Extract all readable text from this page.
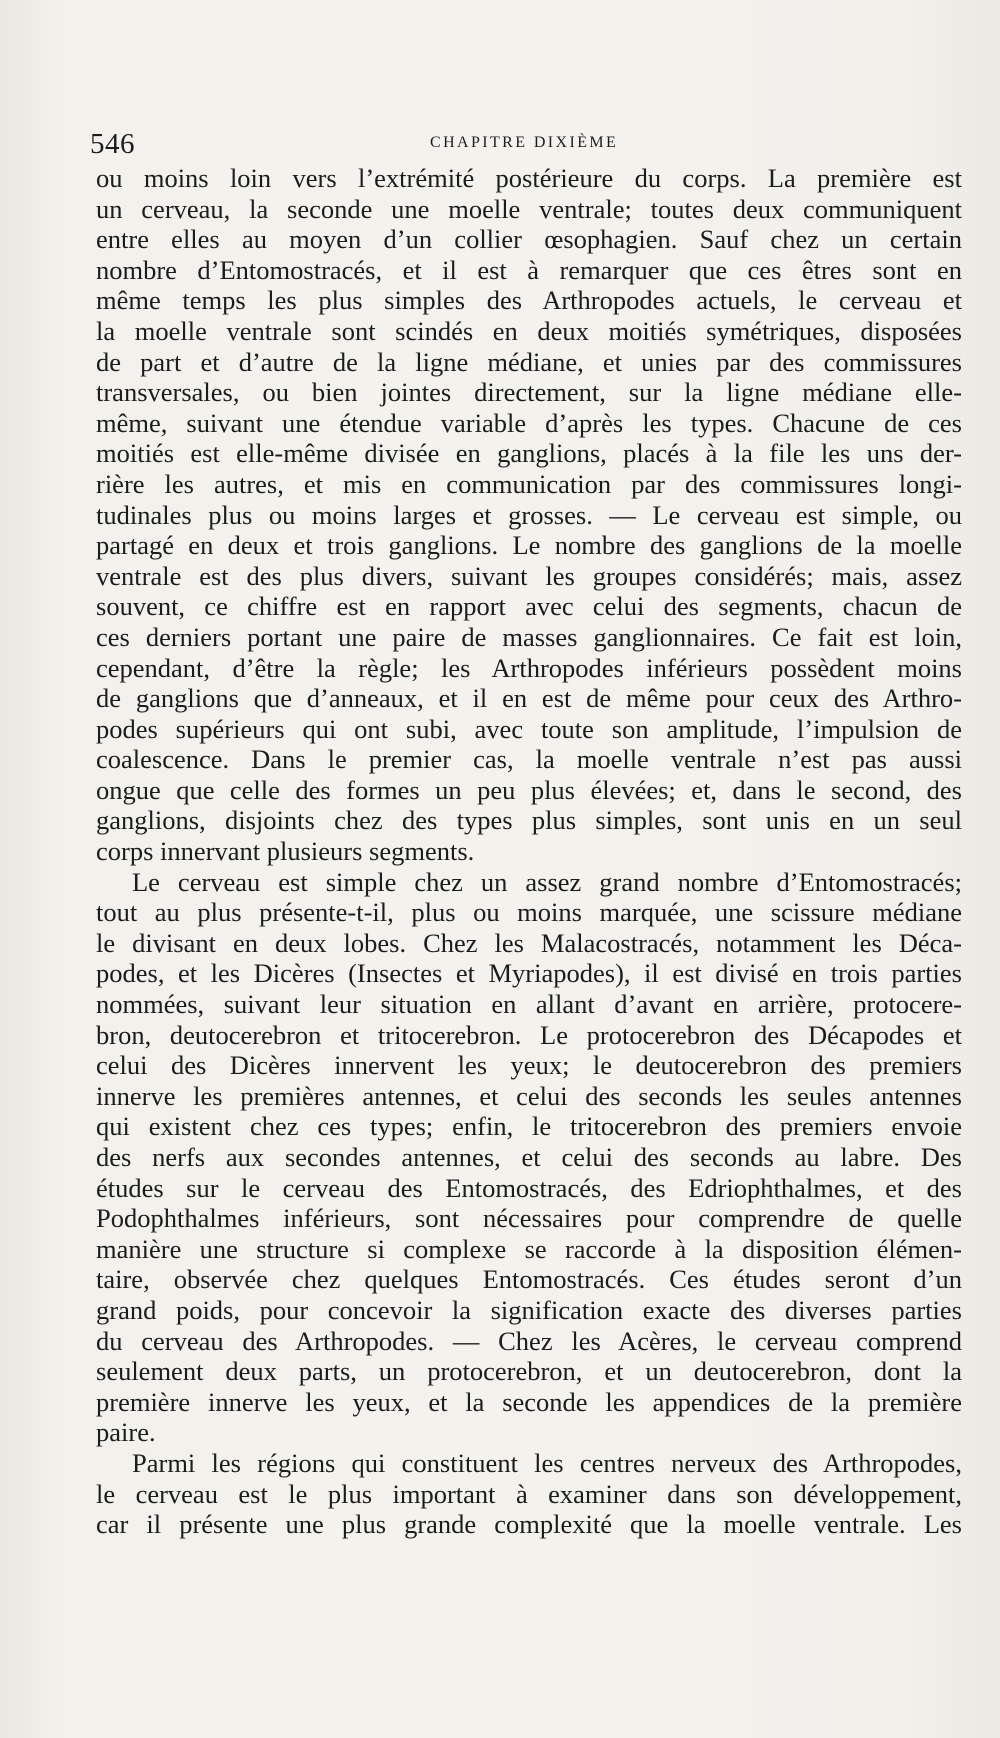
546	CHAPITRE DIXIÈME

ou moins loin vers l’extrémité postérieure du corps. La première est
un cerveau, la seconde une moelle ventrale; toutes deux communiquent
entre elles au moyen d’un collier œsophagien. Sauf chez un certain
nombre d’Entomostracés, et il est à remarquer que ces êtres sont en
même temps les plus simples des Arthropodes actuels, le cerveau et
la moelle ventrale sont scindés en deux moitiés symétriques, disposées
de part et d’autre de la ligne médiane, et unies par des commissures
transversales, ou bien jointes directement, sur la ligne médiane elle-
même, suivant une étendue variable d’après les types. Chacune de ces
moitiés est elle-même divisée en ganglions, placés à la file les uns der-
rière les autres, et mis en communication par des commissures longi-
tudinales plus ou moins larges et grosses. — Le cerveau est simple, ou
partagé en deux et trois ganglions. Le nombre des ganglions de la moelle
ventrale est des plus divers, suivant les groupes considérés; mais, assez
souvent, ce chiffre est en rapport avec celui des segments, chacun de
ces derniers portant une paire de masses ganglionnaires. Ce fait est loin,
cependant, d’être la règle; les Arthropodes inférieurs possèdent moins
de ganglions que d’anneaux, et il en est de même pour ceux des Arthro-
podes supérieurs qui ont subi, avec toute son amplitude, l’impulsion de
coalescence. Dans le premier cas, la moelle ventrale n’est pas aussi
ongue que celle des formes un peu plus élevées; et, dans le second, des
ganglions, disjoints chez des types plus simples, sont unis en un seul
corps innervant plusieurs segments.

Le cerveau est simple chez un assez grand nombre d’Entomostracés;
tout au plus présente-t-il, plus ou moins marquée, une scissure médiane
le divisant en deux lobes. Chez les Malacostracés, notamment les Déca-
podes, et les Dicères (Insectes et Myriapodes), il est divisé en trois parties
nommées, suivant leur situation en allant d’avant en arrière, protocere-
bron, deutocerebron et tritocerebron. Le protocerebron des Décapodes et
celui des Dicères innervent les yeux; le deutocerebron des premiers
innerve les premières antennes, et celui des seconds les seules antennes
qui existent chez ces types; enfin, le tritocerebron des premiers envoie
des nerfs aux secondes antennes, et celui des seconds au labre. Des
études sur le cerveau des Entomostracés, des Edriophthalmes, et des
Podophthalmes inférieurs, sont nécessaires pour comprendre de quelle
manière une structure si complexe se raccorde à la disposition élémen-
taire, observée chez quelques Entomostracés. Ces études seront d’un
grand poids, pour concevoir la signification exacte des diverses parties
du cerveau des Arthropodes. — Chez les Acères, le cerveau comprend
seulement deux parts, un protocerebron, et un deutocerebron, dont la
première innerve les yeux, et la seconde les appendices de la première
paire.

Parmi les régions qui constituent les centres nerveux des Arthropodes,
le cerveau est le plus important à examiner dans son développement,
car il présente une plus grande complexité que la moelle ventrale. Les
